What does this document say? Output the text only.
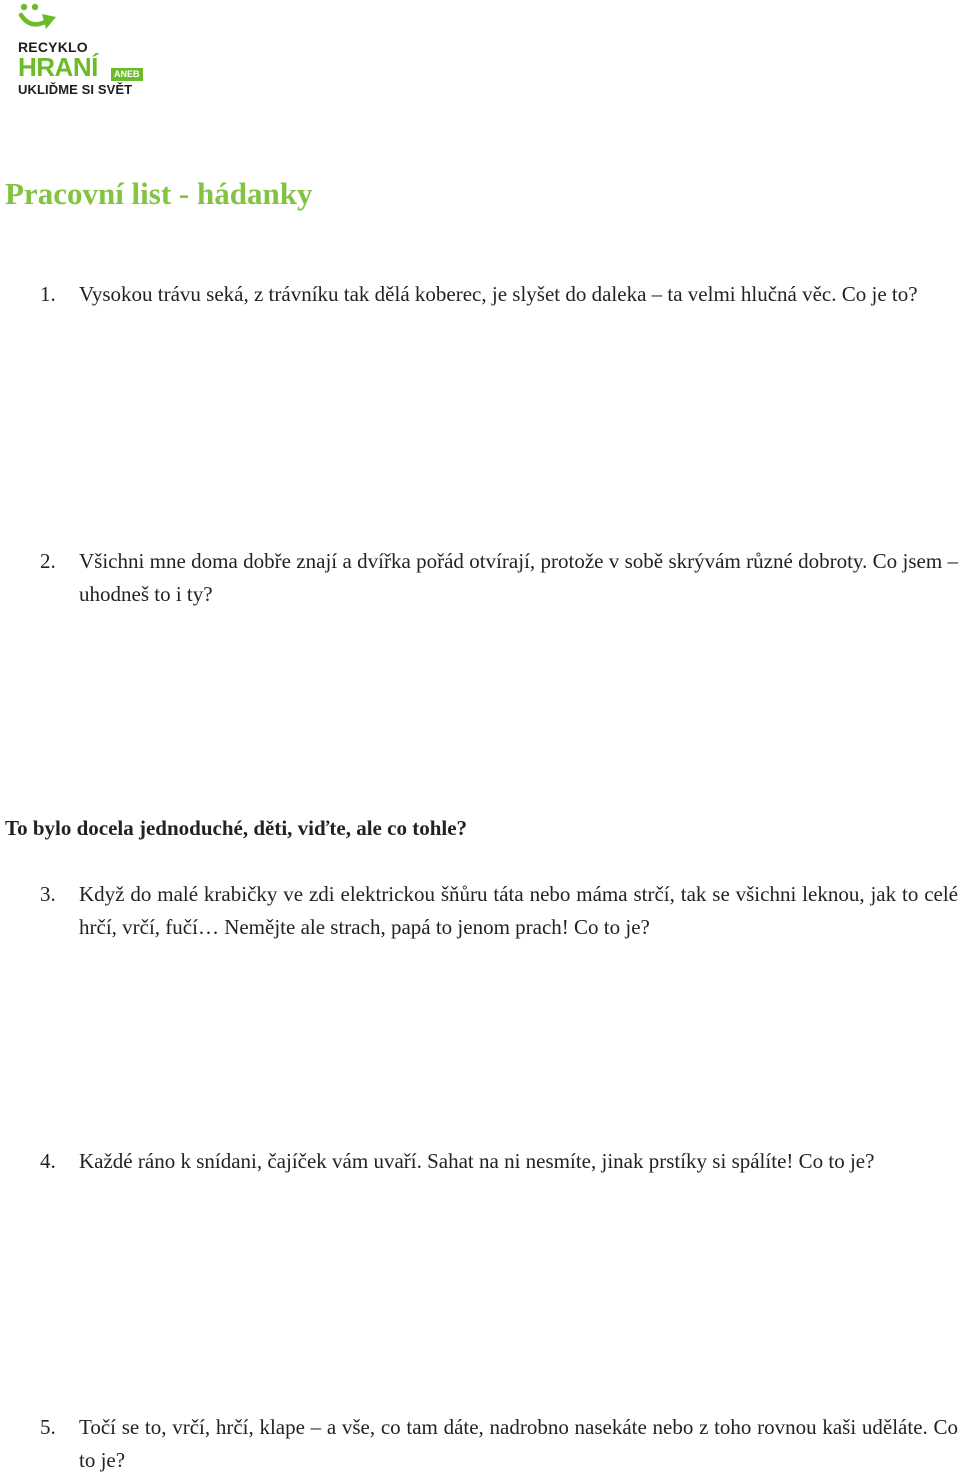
RECYKLO
HRANÍ	ANEB
UKLIĎME SI SVĚT
Pracovní list - hádanky
1. Vysokou trávu seká, z trávníku tak dělá koberec, je slyšet do daleka – ta velmi hlučná věc. Co je to?
2. Všichni mne doma dobře znají a dvířka pořád otvírají, protože v sobě skrývám různé dobroty. Co jsem – uhodneš to i ty?
To bylo docela jednoduché, děti, viďte, ale co tohle?
3. Když do malé krabičky ve zdi elektrickou šňůru táta nebo máma strčí, tak se všichni leknou, jak to celé hrčí, vrčí, fučí… Nemějte ale strach, papá to jenom prach! Co to je?
4. Každé ráno k snídani, čajíček vám uvaří. Sahat na ni nesmíte, jinak prstíky si spálíte! Co to je?
5. Točí se to, vrčí, hrčí, klape – a vše, co tam dáte, nadrobno nasekáte nebo z toho rovnou kaši uděláte. Co to je?
